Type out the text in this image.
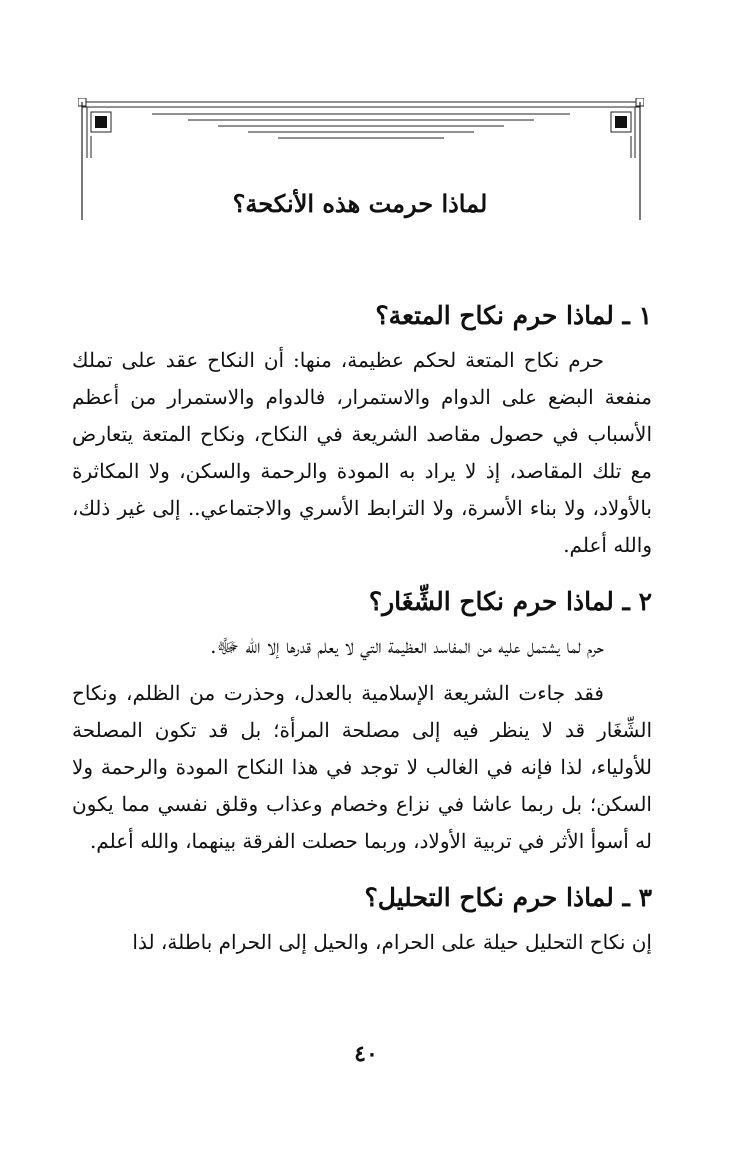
لماذا حرمت هذه الأنكحة؟
١ ـ لماذا حرم نكاح المتعة؟

حرم نكاح المتعة لحكم عظيمة، منها: أن النكاح عقد على تملك منفعة البضع على الدوام والاستمرار، فالدوام والاستمرار من أعظم الأسباب في حصول مقاصد الشريعة في النكاح، ونكاح المتعة يتعارض مع تلك المقاصد، إذ لا يراد به المودة والرحمة والسكن، ولا المكاثرة بالأولاد، ولا بناء الأسرة، ولا الترابط الأسري والاجتماعي.. إلى غير ذلك، والله أعلم.

٢ ـ لماذا حرم نكاح الشِّغَار؟

حرم لما يشتمل عليه من المفاسد العظيمة التي لا يعلم قدرها إلا الله ﷻ.

فقد جاءت الشريعة الإسلامية بالعدل، وحذرت من الظلم، ونكاح الشِّغَار قد لا ينظر فيه إلى مصلحة المرأة؛ بل قد تكون المصلحة للأولياء، لذا فإنه في الغالب لا توجد في هذا النكاح المودة والرحمة ولا السكن؛ بل ربما عاشا في نزاع وخصام وعذاب وقلق نفسي مما يكون له أسوأ الأثر في تربية الأولاد، وربما حصلت الفرقة بينهما، والله أعلم.

٣ ـ لماذا حرم نكاح التحليل؟

إن نكاح التحليل حيلة على الحرام، والحيل إلى الحرام باطلة، لذا

٤٠
